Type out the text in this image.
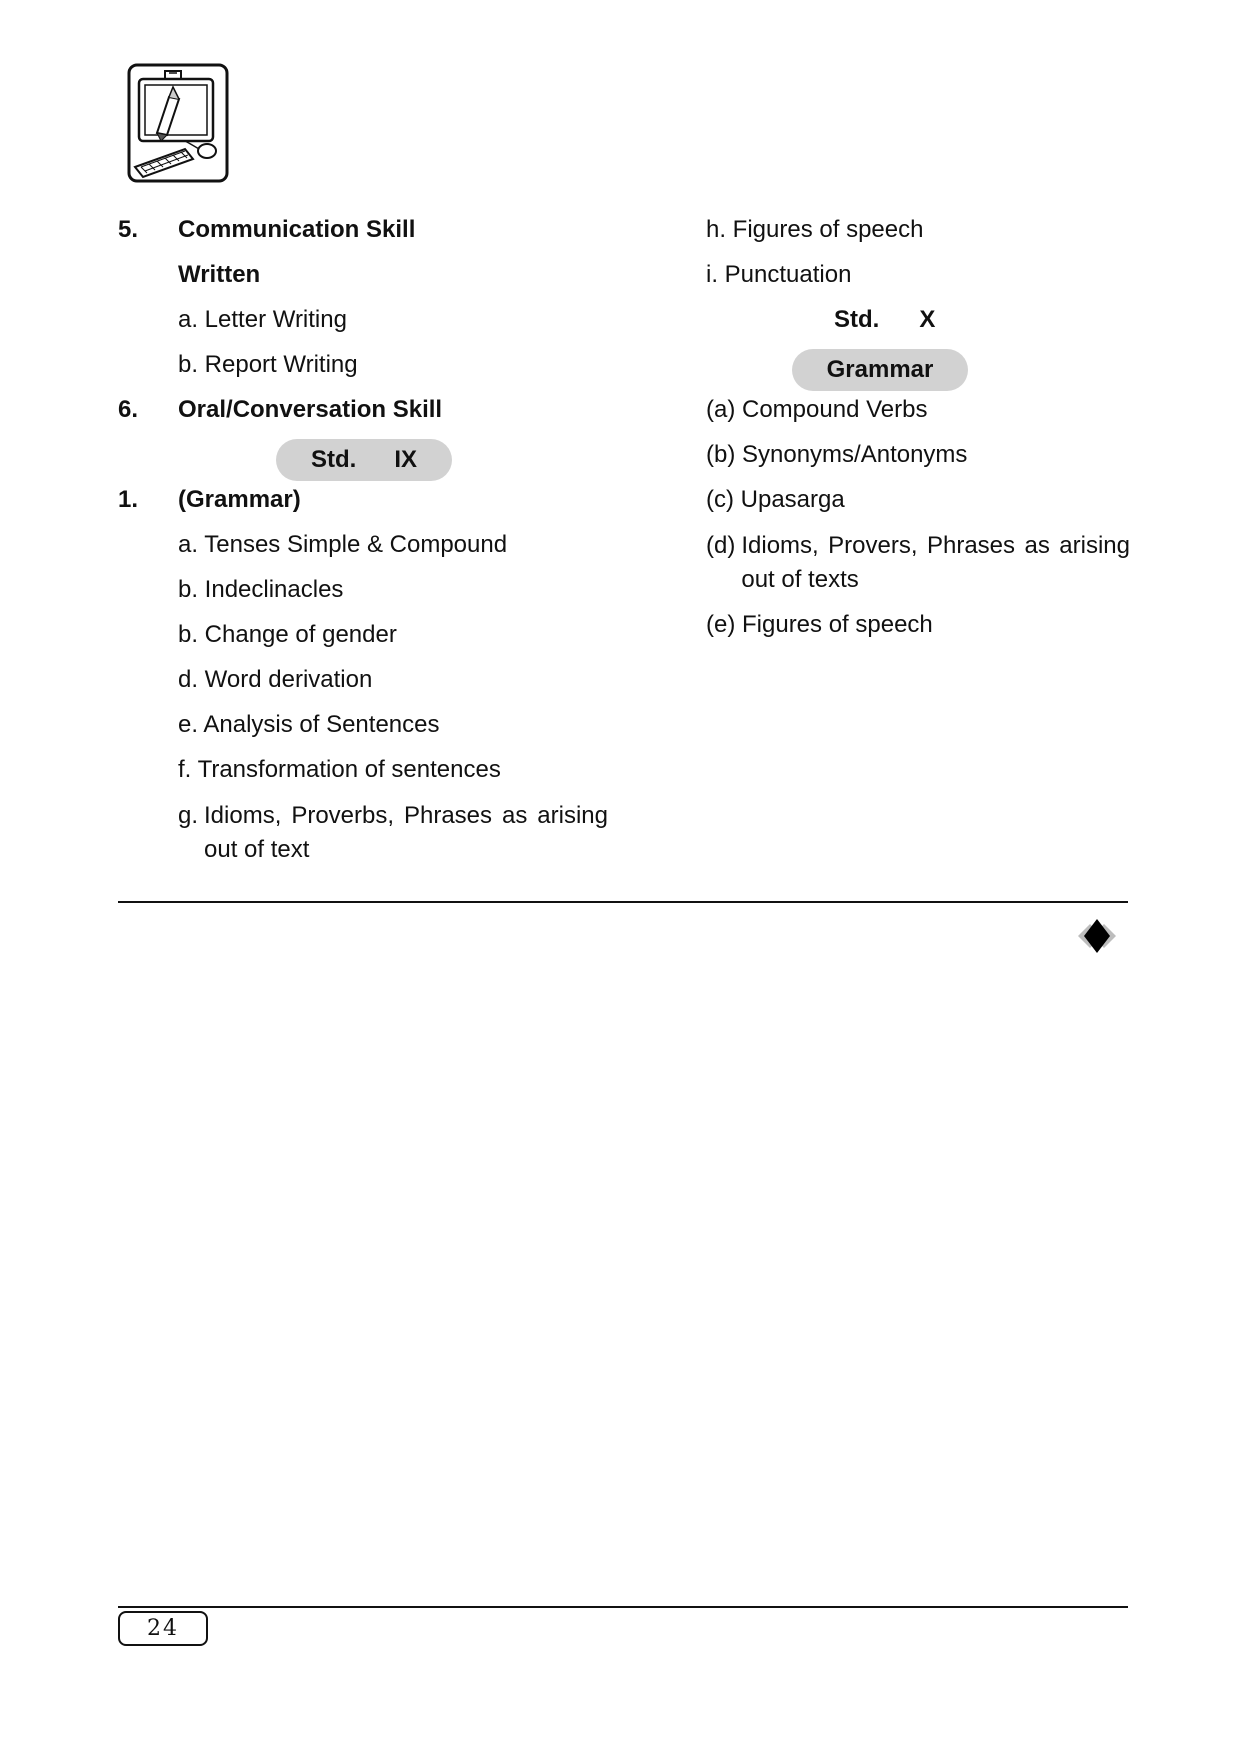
5. Communication Skill
Written
a. Letter Writing
b. Report Writing
6. Oral/Conversation Skill
Std. IX
1. (Grammar)
a. Tenses Simple & Compound
b. Indeclinacles
b. Change of gender
d. Word derivation
e. Analysis of Sentences
f. Transformation of sentences
g. Idioms, Proverbs, Phrases as arising out of text
h. Figures of speech
i. Punctuation
Std. X
Grammar
(a) Compound Verbs
(b) Synonyms/Antonyms
(c) Upasarga
(d) Idioms, Provers, Phrases as arising out of texts
(e) Figures of speech
24
